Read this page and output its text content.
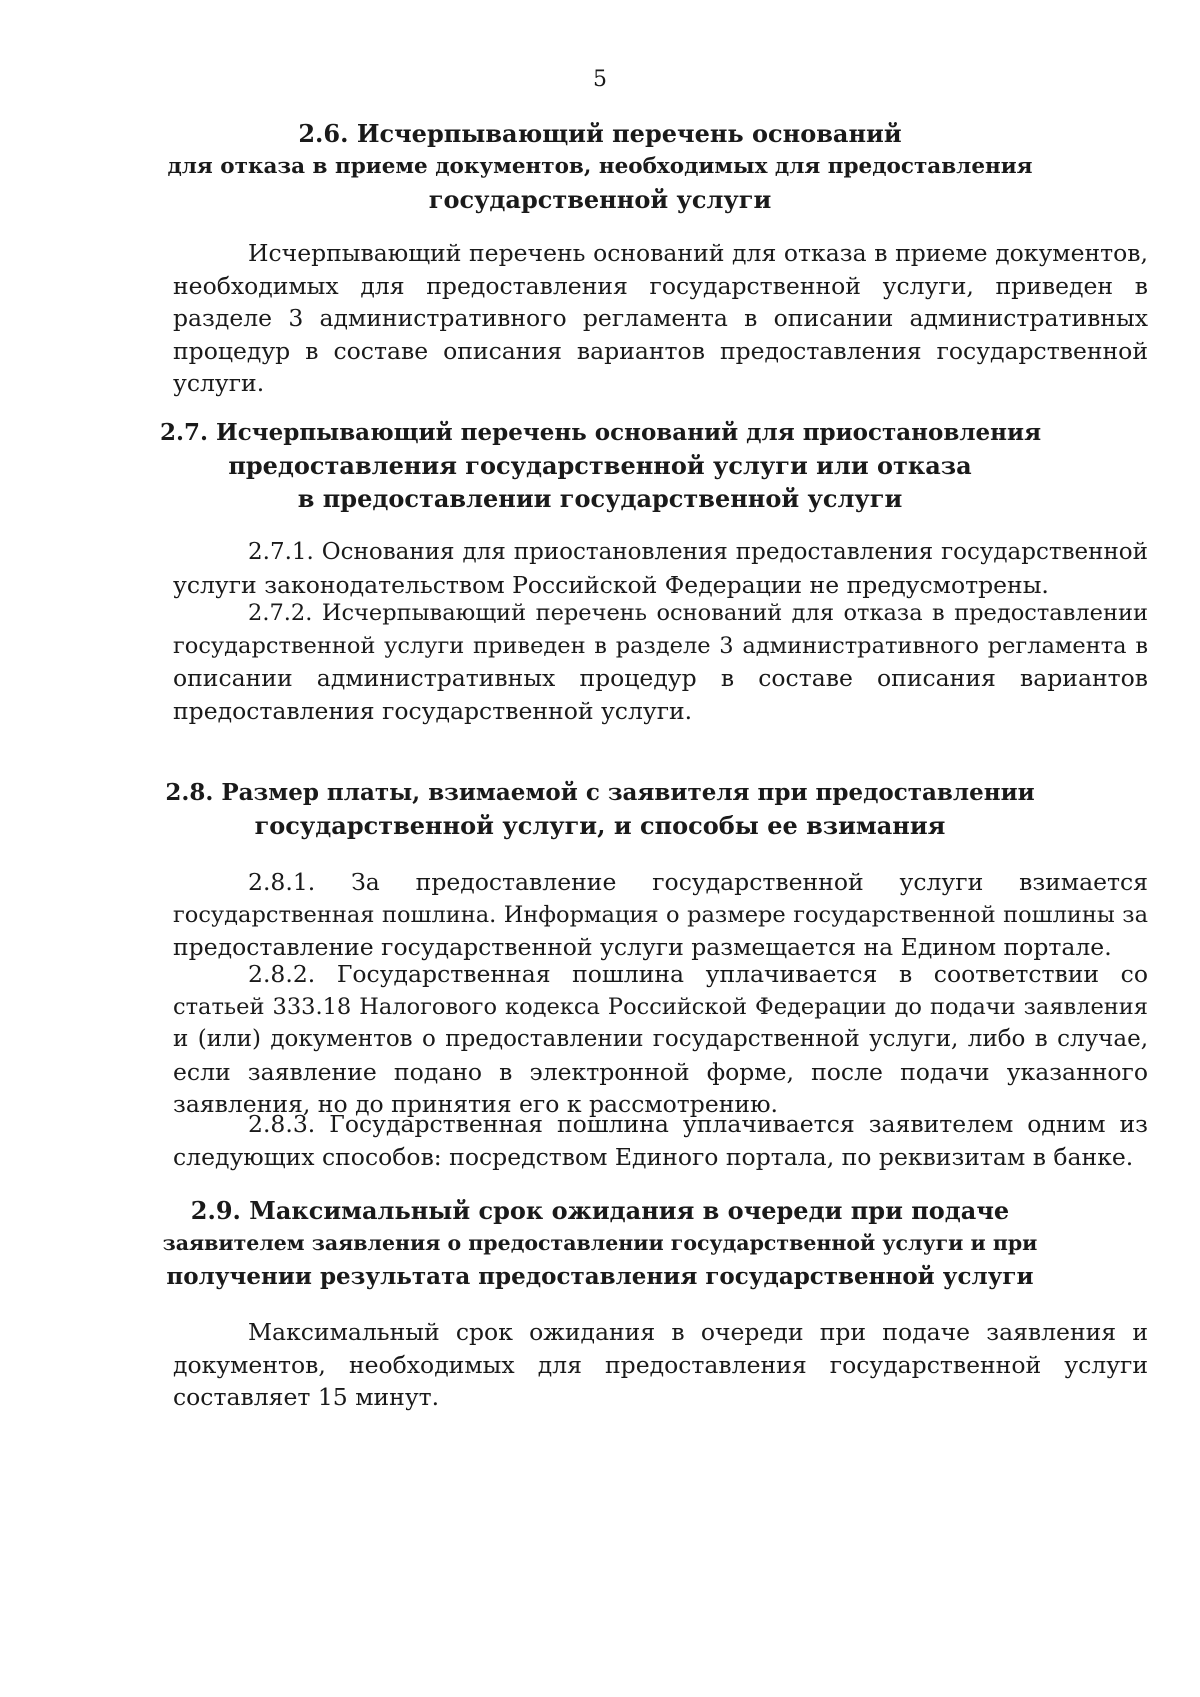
5
2.6. Исчерпывающий перечень оснований
для отказа в приеме документов, необходимых для предоставления
государственной услуги
Исчерпывающий перечень оснований для отказа в приеме документов,
необходимых для предоставления государственной услуги, приведен в
разделе 3 административного регламента в описании административных
процедур в составе описания вариантов предоставления государственной
услуги.
2.7. Исчерпывающий перечень оснований для приостановления
предоставления государственной услуги или отказа
в предоставлении государственной услуги
2.7.1. Основания для приостановления предоставления государственной
услуги законодательством Российской Федерации не предусмотрены.
2.7.2. Исчерпывающий перечень оснований для отказа в предоставлении
государственной услуги приведен в разделе 3 административного регламента в
описании административных процедур в составе описания вариантов
предоставления государственной услуги.
2.8. Размер платы, взимаемой с заявителя при предоставлении
государственной услуги, и способы ее взимания
2.8.1. За предоставление государственной услуги взимается
государственная пошлина. Информация о размере государственной пошлины за
предоставление государственной услуги размещается на Едином портале.
2.8.2. Государственная пошлина уплачивается в соответствии со
статьей 333.18 Налогового кодекса Российской Федерации до подачи заявления
и (или) документов о предоставлении государственной услуги, либо в случае,
если заявление подано в электронной форме, после подачи указанного
заявления, но до принятия его к рассмотрению.
2.8.3. Государственная пошлина уплачивается заявителем одним из
следующих способов: посредством Единого портала, по реквизитам в банке.
2.9. Максимальный срок ожидания в очереди при подаче
заявителем заявления о предоставлении государственной услуги и при
получении результата предоставления государственной услуги
Максимальный срок ожидания в очереди при подаче заявления и
документов, необходимых для предоставления государственной услуги
составляет 15 минут.
